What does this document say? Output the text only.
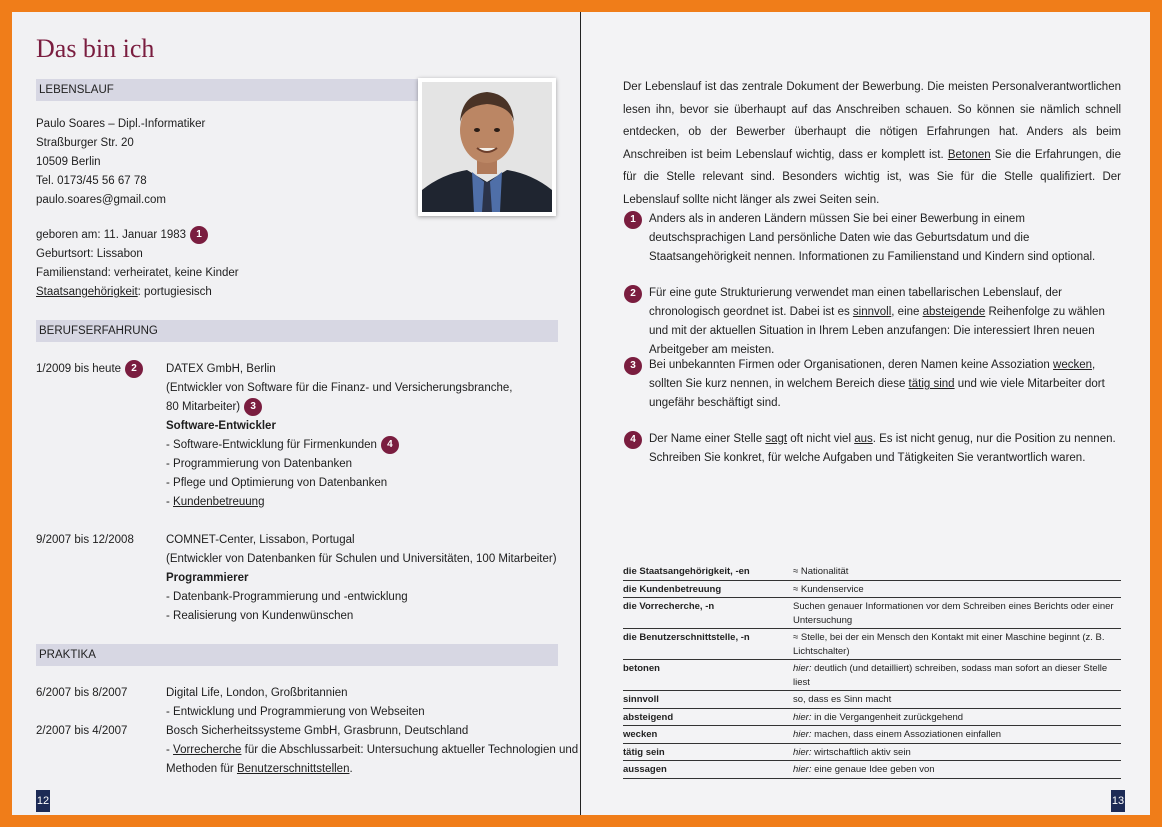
Das bin ich
LEBENSLAUF
Paulo Soares – Dipl.-Informatiker
Straßburger Str. 20
10509 Berlin
Tel. 0173/45 56 67 78
paulo.soares@gmail.com
geboren am: 11. Januar 1983 1
Geburtsort: Lissabon
Familienstand: verheiratet, keine Kinder
Staatsangehörigkeit: portugiesisch
BERUFSERFAHRUNG
1/2009 bis heute 2	DATEX GmbH, Berlin
(Entwickler von Software für die Finanz- und Versicherungsbranche,
80 Mitarbeiter) 3
Software-Entwickler
- Software-Entwicklung für Firmenkunden 4
- Programmierung von Datenbanken
- Pflege und Optimierung von Datenbanken
- Kundenbetreuung
9/2007 bis 12/2008	COMNET-Center, Lissabon, Portugal
(Entwickler von Datenbanken für Schulen und Universitäten, 100 Mitarbeiter)
Programmierer
- Datenbank-Programmierung und -entwicklung
- Realisierung von Kundenwünschen
PRAKTIKA
6/2007 bis 8/2007	Digital Life, London, Großbritannien
- Entwicklung und Programmierung von Webseiten
2/2007 bis 4/2007	Bosch Sicherheitssysteme GmbH, Grasbrunn, Deutschland
- Vorrecherche für die Abschlussarbeit: Untersuchung aktueller Technologien und
Methoden für Benutzerschnittstellen.
12
Der Lebenslauf ist das zentrale Dokument der Bewerbung. Die meisten Personalverantwortlichen lesen ihn, bevor sie überhaupt auf das Anschreiben schauen. So können sie nämlich schnell entdecken, ob der Bewerber überhaupt die nötigen Erfahrungen hat. Anders als beim Anschreiben ist beim Lebenslauf wichtig, dass er komplett ist. Betonen Sie die Erfahrungen, die für die Stelle relevant sind. Besonders wichtig ist, was Sie für die Stelle qualifiziert. Der Lebenslauf sollte nicht länger als zwei Seiten sein.
1	Anders als in anderen Ländern müssen Sie bei einer Bewerbung in einem deutschsprachigen Land persönliche Daten wie das Geburtsdatum und die Staatsangehörigkeit nennen. Informationen zu Familienstand und Kindern sind optional.
2	Für eine gute Strukturierung verwendet man einen tabellarischen Lebenslauf, der chronologisch geordnet ist. Dabei ist es sinnvoll, eine absteigende Reihenfolge zu wählen und mit der aktuellen Situation in Ihrem Leben anzufangen: Die interessiert Ihren neuen Arbeitgeber am meisten.
3	Bei unbekannten Firmen oder Organisationen, deren Namen keine Assoziation wecken, sollten Sie kurz nennen, in welchem Bereich diese tätig sind und wie viele Mitarbeiter dort ungefähr beschäftigt sind.
4	Der Name einer Stelle sagt oft nicht viel aus. Es ist nicht genug, nur die Position zu nennen. Schreiben Sie konkret, für welche Aufgaben und Tätigkeiten Sie verantwortlich waren.
die Staatsangehörigkeit, -en	≈ Nationalität
die Kundenbetreuung	≈ Kundenservice
die Vorrecherche, -n	Suchen genauer Informationen vor dem Schreiben eines Berichts oder einer Untersuchung
die Benutzerschnittstelle, -n	≈ Stelle, bei der ein Mensch den Kontakt mit einer Maschine beginnt (z. B. Lichtschalter)
betonen	hier: deutlich (und detailliert) schreiben, sodass man sofort an dieser Stelle liest
sinnvoll	so, dass es Sinn macht
absteigend	hier: in die Vergangenheit zurückgehend
wecken	hier: machen, dass einem Assoziationen einfallen
tätig sein	hier: wirtschaftlich aktiv sein
aussagen	hier: eine genaue Idee geben von
13
